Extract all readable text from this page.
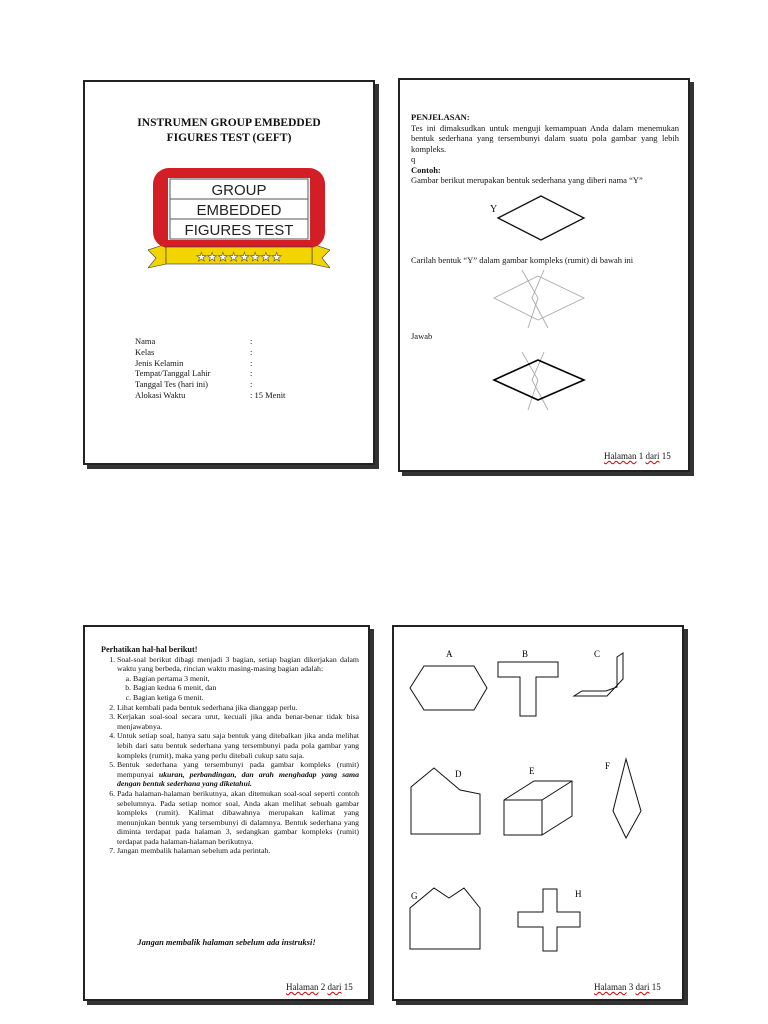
INSTRUMEN GROUP EMBEDDED
FIGURES TEST (GEFT)
GROUP
EMBEDDED
FIGURES TEST
★★★★★★★★
Nama	:
Kelas	:
Jenis Kelamin	:
Tempat/Tanggal Lahir	:
Tanggal Tes (hari ini)	:
Alokasi Waktu	: 15 Menit
PENJELASAN:
Tes ini dimaksudkan untuk menguji kemampuan Anda dalam menemukan bentuk sederhana yang tersembunyi dalam suatu pola gambar yang lebih kompleks.
q
Contoh:
Gambar berikut merupakan bentuk sederhana yang diberi nama “Y”
Y
Carilah bentuk “Y” dalam gambar kompleks (rumit) di bawah ini
Jawab
Halaman 1 dari 15
Perhatikan hal-hal berikut!
1. Soal-soal berikut dibagi menjadi 3 bagian, setiap bagian dikerjakan dalam waktu yang berbeda, rincian waktu masing-masing bagian adalah:
a. Bagian pertama 3 menit,
b. Bagian kedua 6 menit, dan
c. Bagian ketiga 6 menit.
2. Lihat kembali pada bentuk sederhana jika dianggap perlu.
3. Kerjakan soal-soal secara urut, kecuali jika anda benar-benar tidak bisa menjawabnya.
4. Untuk setiap soal, hanya satu saja bentuk yang ditebalkan jika anda melihat lebih dari satu bentuk sederhana yang tersembunyi pada pola gambar yang kompleks (rumit), maka yang perlu ditebali cukup satu saja.
5. Bentuk sederhana yang tersembunyi pada gambar kompleks (rumit) mempunyai ukuran, perbandingan, dan arah menghadap yang sama dengan bentuk sederhana yang diketahui.
6. Pada halaman-halaman berikutnya, akan ditemukan soal-soal seperti contoh sebelumnya. Pada setiap nomor soal, Anda akan melihat sebuah gambar kompleks (rumit). Kalimat dibawahnya merupakan kalimat yang menunjukan bentuk yang tersembunyi di dalamnya. Bentuk sederhana yang diminta terdapat pada halaman 3, sedangkan gambar kompleks (rumit) terdapat pada halaman-halaman berikutnya.
7. Jangan membalik halaman sebelum ada perintah.
Jangan membalik halaman sebelum ada instruksi!
Halaman 2 dari 15
A	B	C
D	E	F
G	H
Halaman 3 dari 15
